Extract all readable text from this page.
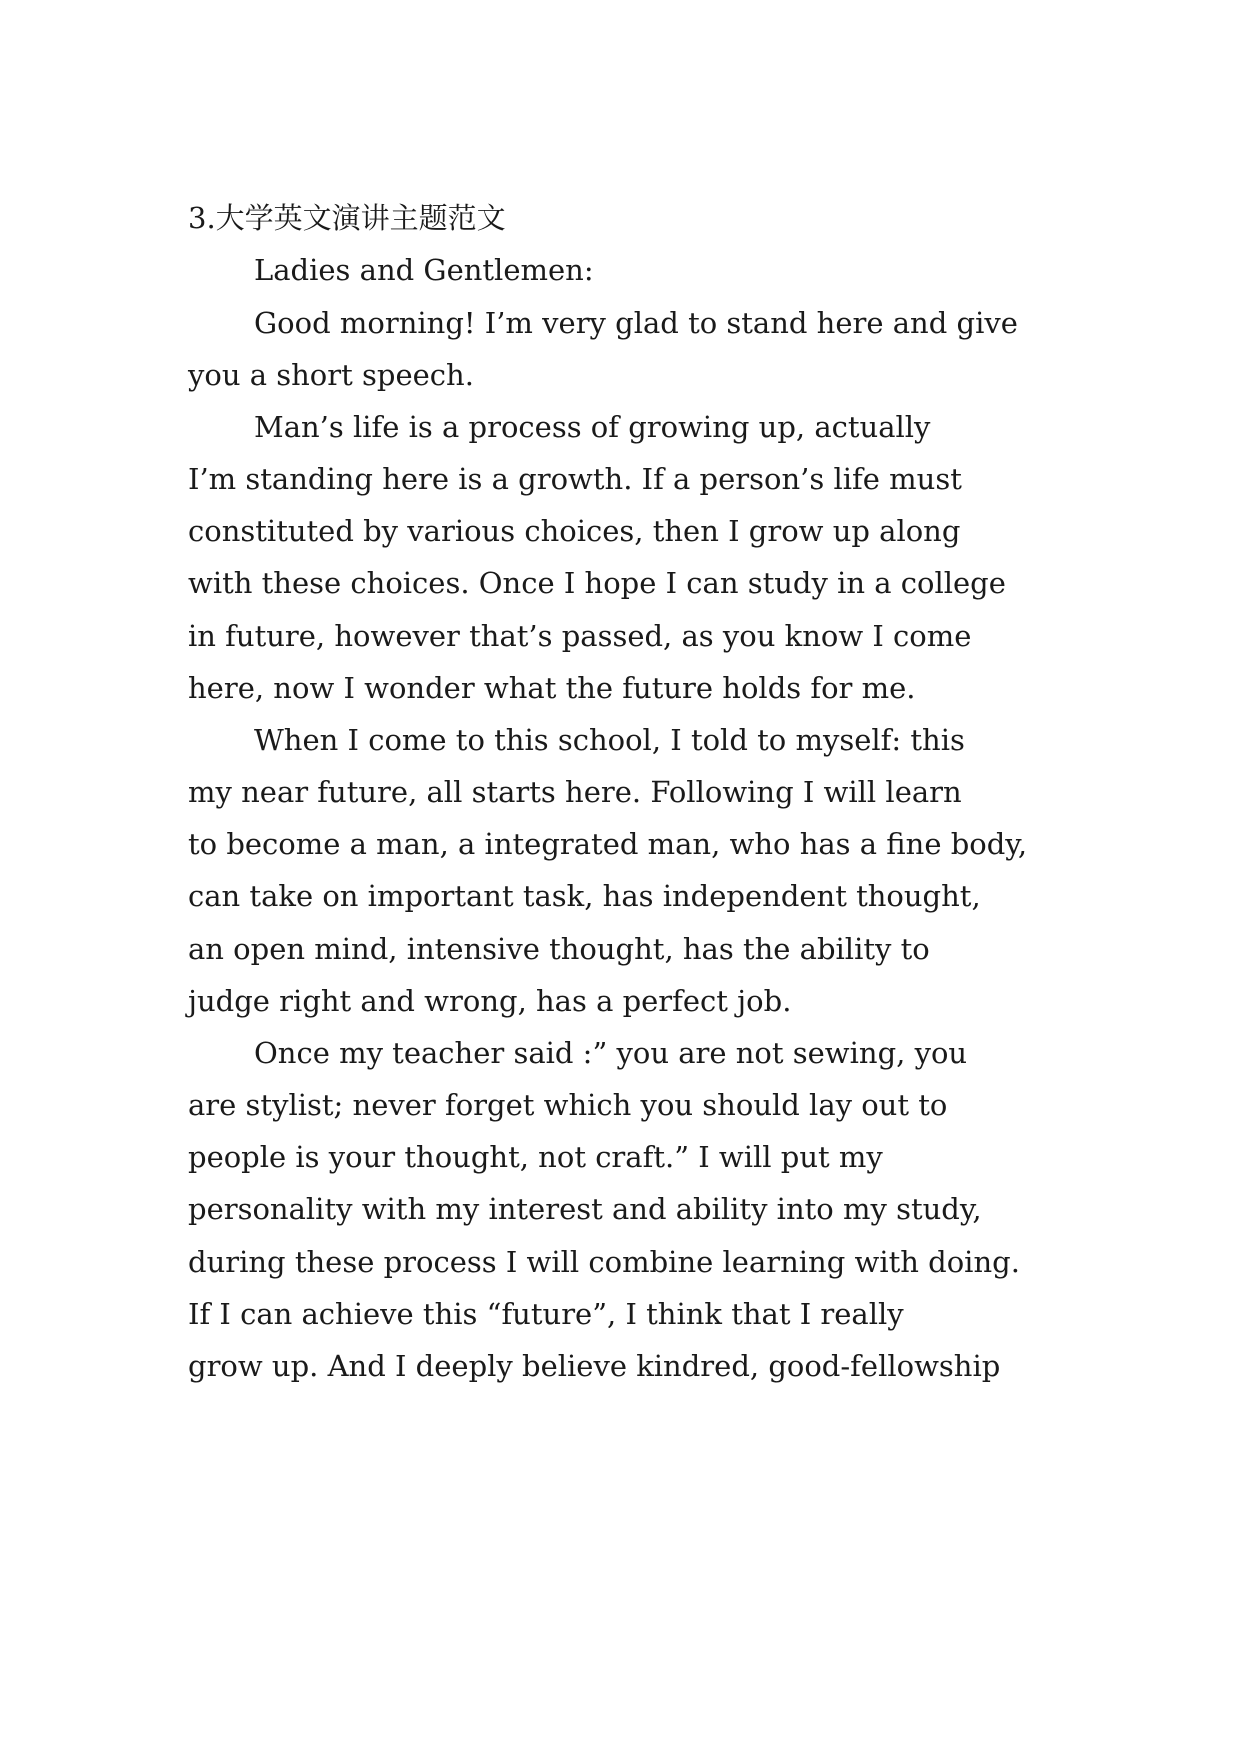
3.大学英文演讲主题范文
Ladies and Gentlemen:
Good morning! I’m very glad to stand here and give
you a short speech.
Man’s life is a process of growing up, actually
I’m standing here is a growth. If a person’s life must
constituted by various choices, then I grow up along
with these choices. Once I hope I can study in a college
in future, however that’s passed, as you know I come
here, now I wonder what the future holds for me.
When I come to this school, I told to myself: this
my near future, all starts here. Following I will learn
to become a man, a integrated man, who has a fine body,
can take on important task, has independent thought,
an open mind, intensive thought, has the ability to
judge right and wrong, has a perfect job.
Once my teacher said :” you are not sewing, you
are stylist; never forget which you should lay out to
people is your thought, not craft.” I will put my
personality with my interest and ability into my study,
during these process I will combine learning with doing.
If I can achieve this “future”, I think that I really
grow up. And I deeply believe kindred, good-fellowship
